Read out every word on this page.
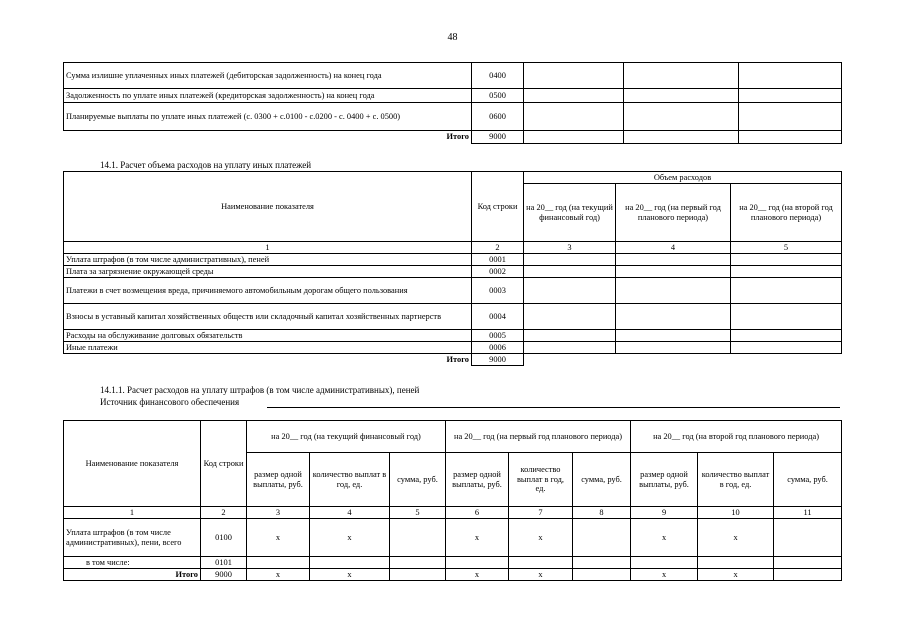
48
Сумма излишне уплаченных иных платежей (дебиторская задолженность) на конец года	0400			
Задолженность по уплате иных платежей (кредиторская задолженность) на конец года	0500			
Планируемые выплаты по уплате иных платежей (с. 0300 + с.0100 - с.0200 - с. 0400 + с. 0500)	0600			
Итого	9000			
14.1. Расчет объема расходов на уплату иных платежей
Наименование показателя	Код строки	Объем расходов		
		на 20__ год (на текущий финансовый год)	на 20__ год (на первый год планового периода)	на 20__ год (на второй год планового периода)
1	2	3	4	5
Уплата штрафов (в том числе административных), пеней	0001			
Плата за загрязнение окружающей среды	0002			
Платежи в счет возмещения вреда, причиняемого автомобильным дорогам общего пользования	0003			
Взносы в уставный капитал хозяйственных обществ или складочный капитал хозяйственных партнерств	0004			
Расходы на обслуживание долговых обязательств	0005			
Иные платежи	0006			
Итого	9000			
14.1.1. Расчет расходов на уплату штрафов (в том числе административных), пеней
Источник финансового обеспечения
Наименование показателя	Код строки	на 20__ год (на текущий финансовый год)			на 20__ год (на первый год планового периода)			на 20__ год (на второй год планового периода)		
		размер одной выплаты, руб.	количество выплат в год, ед.	сумма, руб.	размер одной выплаты, руб.	количество выплат в год, ед.	сумма, руб.	размер одной выплаты, руб.	количество выплат в год, ед.	сумма, руб.
1	2	3	4	5	6	7	8	9	10	11
Уплата штрафов (в том числе административных), пени, всего	0100	x	x		x	x		x	x	
в том числе:	0101									
Итого	9000	x	x		x	x		x	x	
